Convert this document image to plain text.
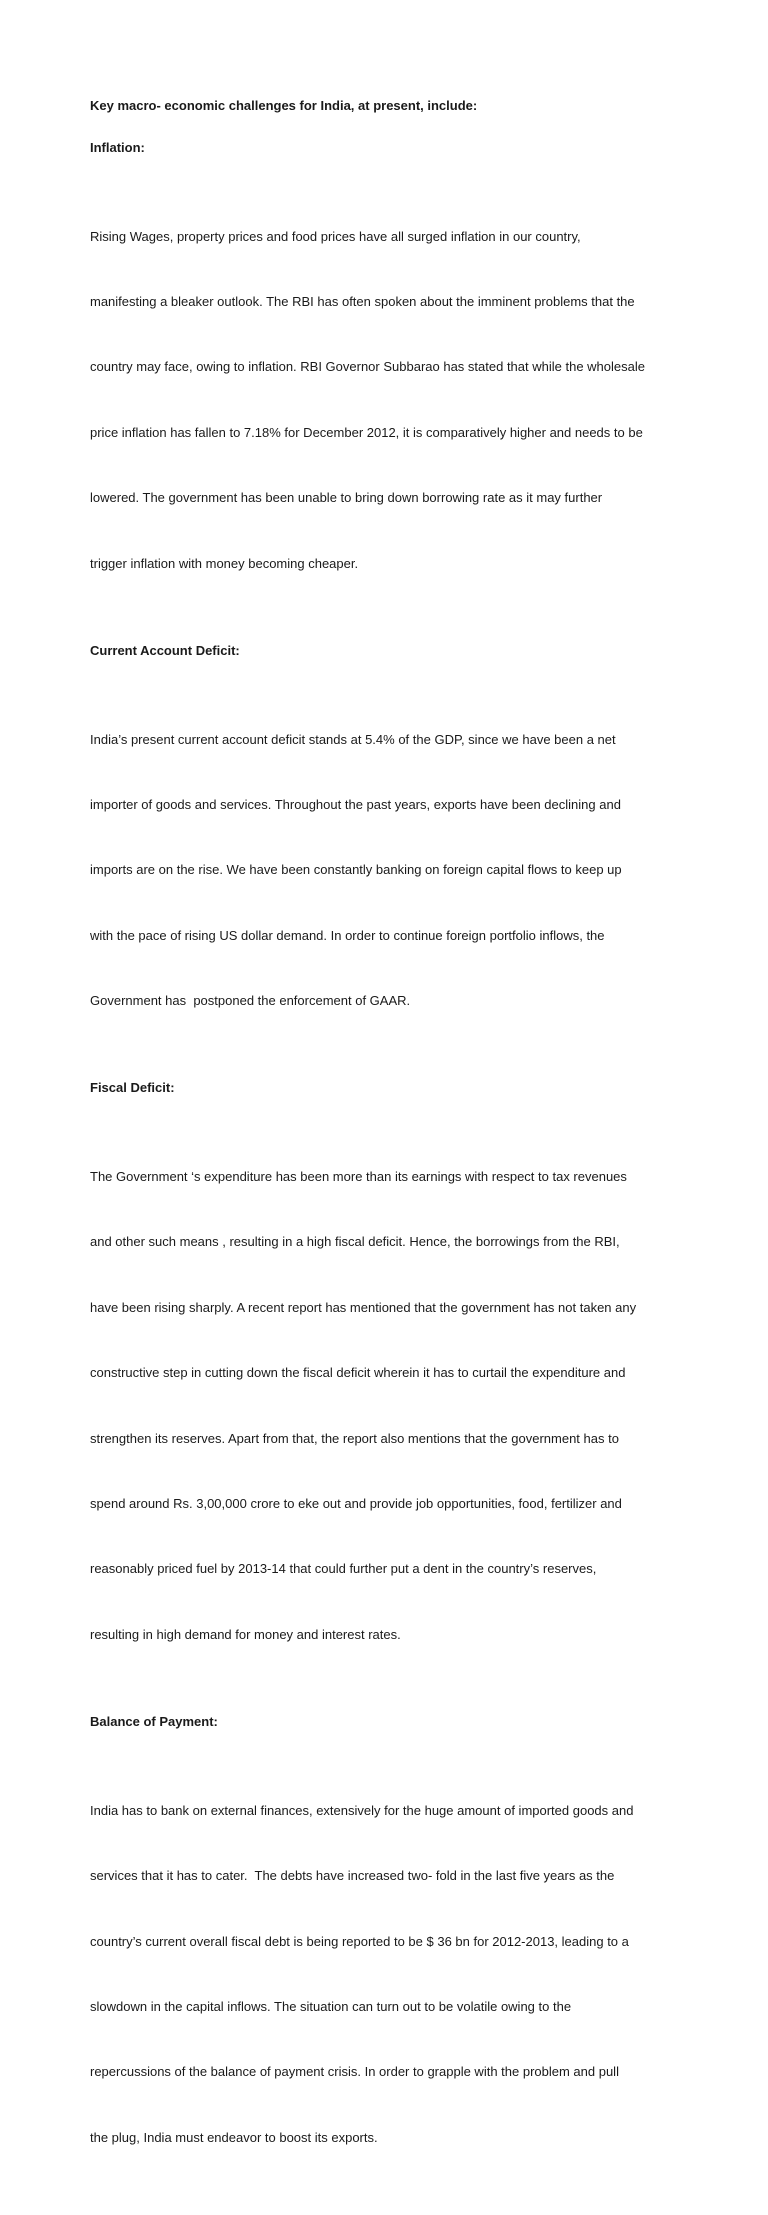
Key macro- economic challenges for India, at present, include:

Inflation:

Rising Wages, property prices and food prices have all surged inflation in our country,

manifesting a bleaker outlook. The RBI has often spoken about the imminent problems that the

country may face, owing to inflation. RBI Governor Subbarao has stated that while the wholesale

price inflation has fallen to 7.18% for December 2012, it is comparatively higher and needs to be

lowered. The government has been unable to bring down borrowing rate as it may further

trigger inflation with money becoming cheaper.

Current Account Deficit:

India’s present current account deficit stands at 5.4% of the GDP, since we have been a net

importer of goods and services. Throughout the past years, exports have been declining and

imports are on the rise. We have been constantly banking on foreign capital flows to keep up

with the pace of rising US dollar demand. In order to continue foreign portfolio inflows, the

Government has  postponed the enforcement of GAAR.

Fiscal Deficit:

The Government ‘s expenditure has been more than its earnings with respect to tax revenues

and other such means , resulting in a high fiscal deficit. Hence, the borrowings from the RBI,

have been rising sharply. A recent report has mentioned that the government has not taken any

constructive step in cutting down the fiscal deficit wherein it has to curtail the expenditure and

strengthen its reserves. Apart from that, the report also mentions that the government has to

spend around Rs. 3,00,000 crore to eke out and provide job opportunities, food, fertilizer and

reasonably priced fuel by 2013-14 that could further put a dent in the country’s reserves,

resulting in high demand for money and interest rates.

Balance of Payment:

India has to bank on external finances, extensively for the huge amount of imported goods and

services that it has to cater.  The debts have increased two- fold in the last five years as the

country’s current overall fiscal debt is being reported to be $ 36 bn for 2012-2013, leading to a

slowdown in the capital inflows. The situation can turn out to be volatile owing to the

repercussions of the balance of payment crisis. In order to grapple with the problem and pull

the plug, India must endeavor to boost its exports.
